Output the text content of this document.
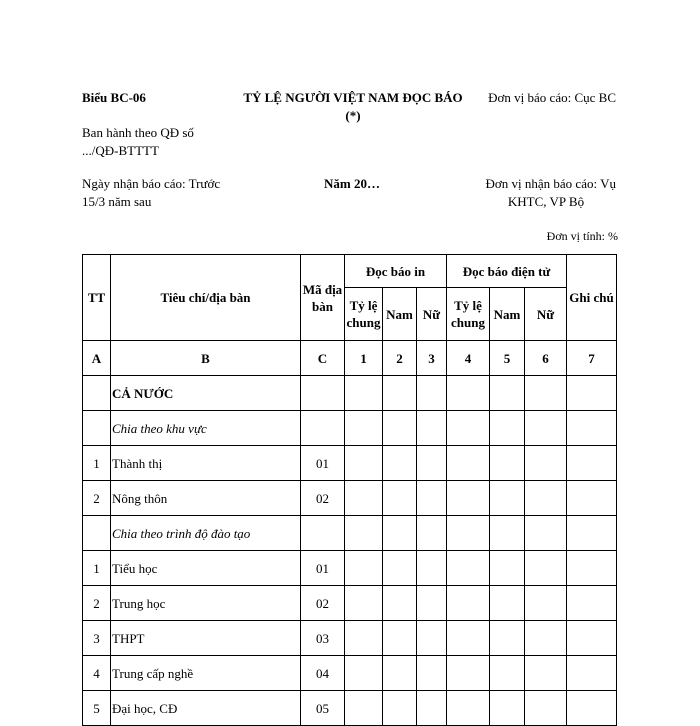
Biểu BC-06	TỶ LỆ NGƯỜI VIỆT NAM ĐỌC BÁO
(*)
Đơn vị báo cáo: Cục BC
Ban hành theo QĐ số
.../QĐ-BTTTT
Ngày nhận báo cáo: Trước
15/3 năm sau
Năm 20…	Đơn vị nhận báo cáo: Vụ
KHTC, VP Bộ
Đơn vị tính: %
TT	Tiêu chí/địa bàn	Mã địa bàn	Đọc báo in			Đọc báo điện tử			Ghi chú
			Tỷ lệ chung	Nam	Nữ	Tỷ lệ chung	Nam	Nữ	
A	B	C	1	2	3	4	5	6	7
	CẢ NƯỚC								
	Chia theo khu vực								
1	Thành thị	01							
2	Nông thôn	02							
	Chia theo trình độ đào tạo								
1	Tiểu học	01							
2	Trung học	02							
3	THPT	03							
4	Trung cấp nghề	04							
5	Đại học, CĐ	05							
